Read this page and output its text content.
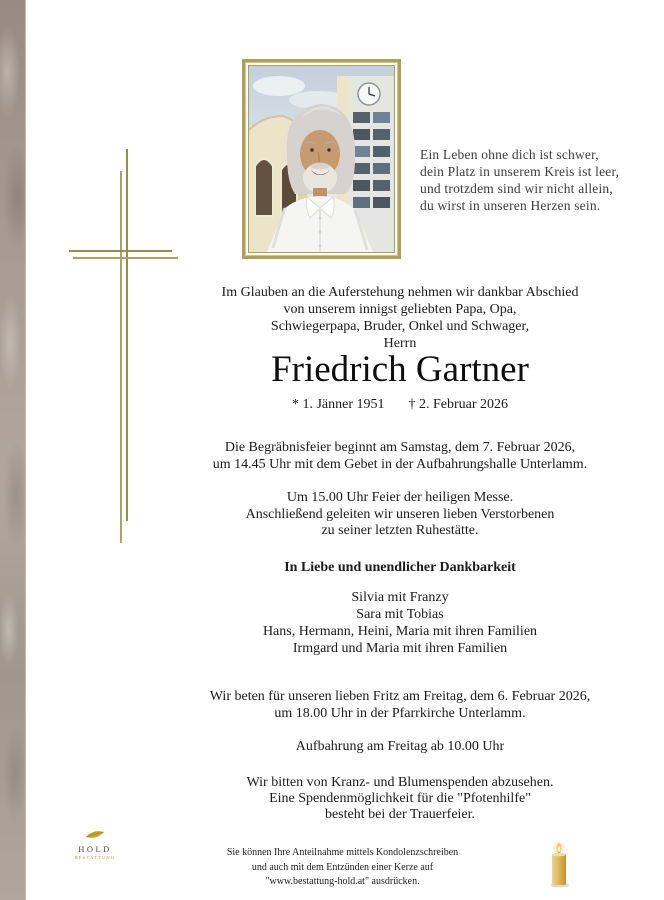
Ein Leben ohne dich ist schwer,
dein Platz in unserem Kreis ist leer,
und trotzdem sind wir nicht allein,
du wirst in unseren Herzen sein.
Im Glauben an die Auferstehung nehmen wir dankbar Abschied
von unserem innigst geliebten Papa, Opa,
Schwiegerpapa, Bruder, Onkel und Schwager,
Herrn
Friedrich Gartner
* 1. Jänner 1951 † 2. Februar 2026
Die Begräbnisfeier beginnt am Samstag, dem 7. Februar 2026,
um 14.45 Uhr mit dem Gebet in der Aufbahrungshalle Unterlamm.
Um 15.00 Uhr Feier der heiligen Messe.
Anschließend geleiten wir unseren lieben Verstorbenen
zu seiner letzten Ruhestätte.
In Liebe und unendlicher Dankbarkeit
Silvia mit Franzy
Sara mit Tobias
Hans, Hermann, Heini, Maria mit ihren Familien
Irmgard und Maria mit ihren Familien
Wir beten für unseren lieben Fritz am Freitag, dem 6. Februar 2026,
um 18.00 Uhr in der Pfarrkirche Unterlamm.
Aufbahrung am Freitag ab 10.00 Uhr
Wir bitten von Kranz- und Blumenspenden abzusehen.
Eine Spendenmöglichkeit für die "Pfotenhilfe"
besteht bei der Trauerfeier.
HOLD
BESTATTUNG	Sie können Ihre Anteilnahme mittels Kondolenzschreiben
und auch mit dem Entzünden einer Kerze auf
"www.bestattung-hold.at" ausdrücken.
